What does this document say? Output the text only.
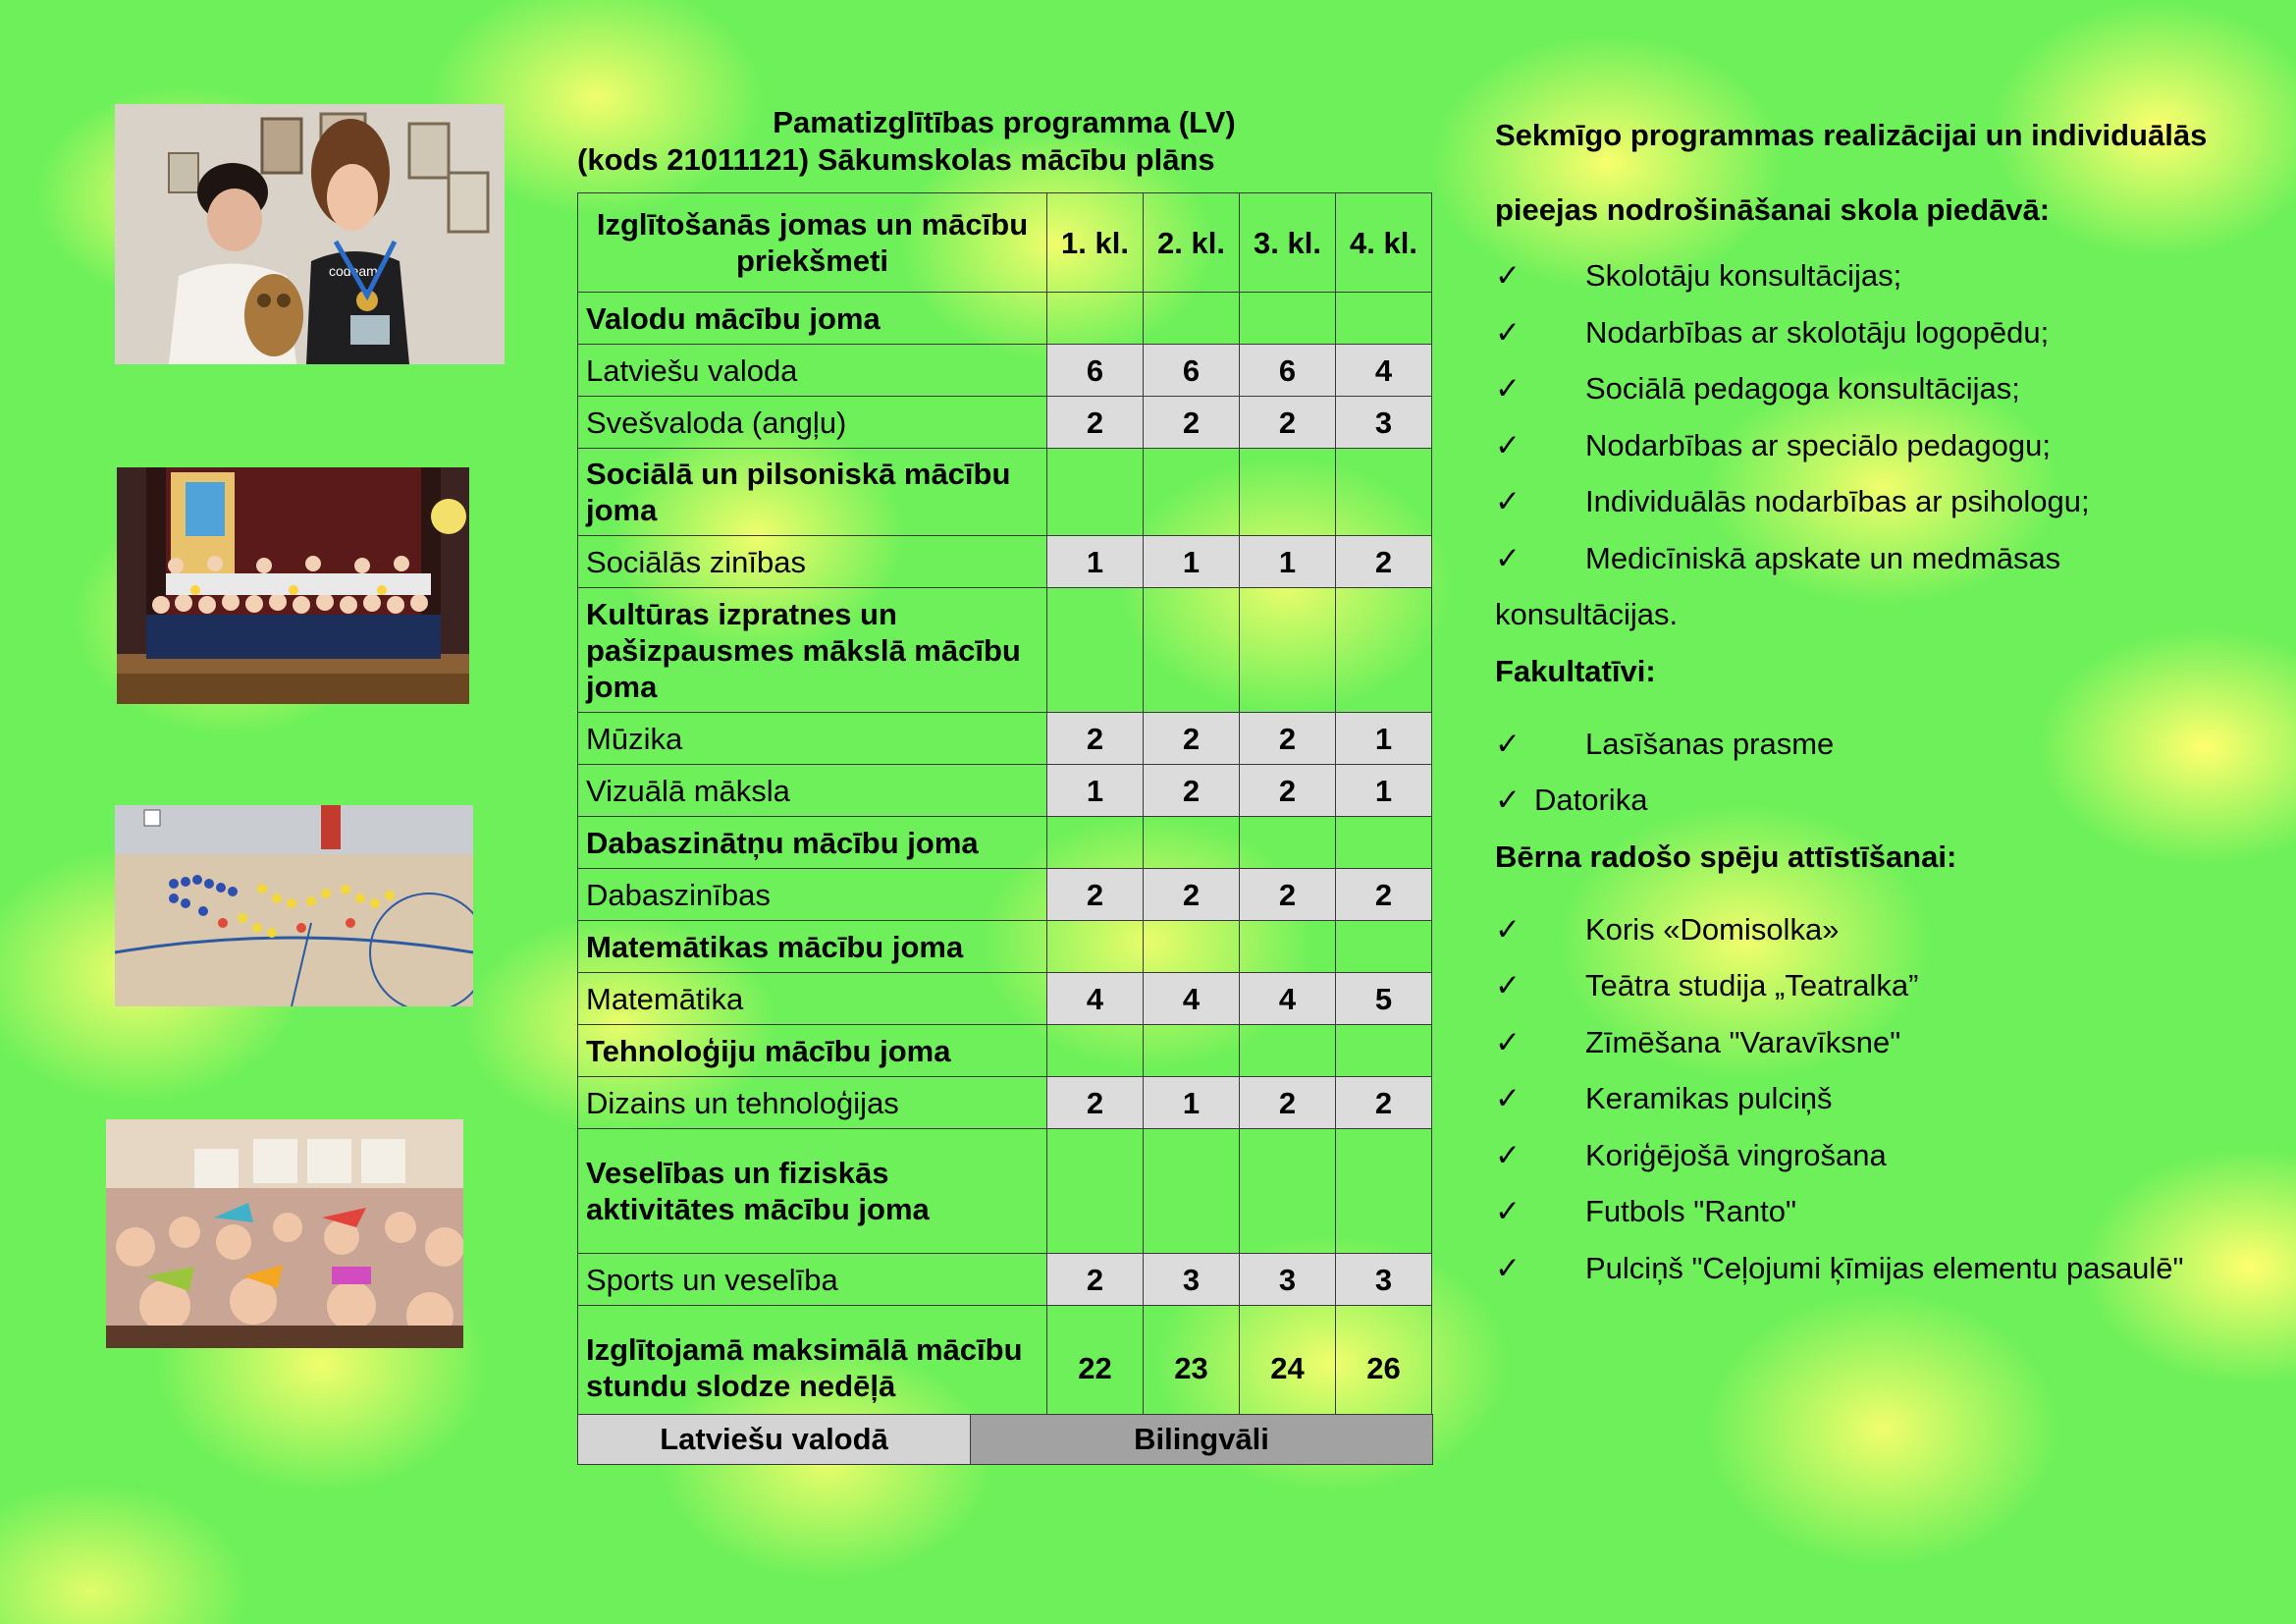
codeam
Pamatizglītības programma (LV)
(kods 21011121) Sākumskolas mācību plāns
Izglītošanās jomas un mācību priekšmeti	1. kl.	2. kl.	3. kl.	4. kl.
Valodu mācību joma				
Latviešu valoda	6	6	6	4
Svešvaloda (angļu)	2	2	2	3
Sociālā un pilsoniskā mācību joma				
Sociālās zinības	1	1	1	2
Kultūras izpratnes un pašizpausmes mākslā mācību joma				
Mūzika	2	2	2	1
Vizuālā māksla	1	2	2	1
Dabaszinātņu mācību joma				
Dabaszinības	2	2	2	2
Matemātikas mācību joma				
Matemātika	4	4	4	5
Tehnoloģiju mācību joma				
Dizains un tehnoloģijas	2	1	2	2
Veselības un fiziskās aktivitātes mācību joma				
Sports un veselība	2	3	3	3
Izglītojamā maksimālā mācību stundu slodze nedēļā	22	23	24	26
Latviešu valodā	Bilingvāli
Sekmīgo programmas realizācijai un individuālās
pieejas nodrošināšanai skola piedāvā:
✓	Skolotāju konsultācijas;
✓	Nodarbības ar skolotāju logopēdu;
✓	Sociālā pedagoga konsultācijas;
✓	Nodarbības ar speciālo pedagogu;
✓	Individuālās nodarbības ar psihologu;
✓	Medicīniskā apskate un medmāsas
konsultācijas.
Fakultatīvi:
✓	Lasīšanas prasme
✓ Datorika
Bērna radošo spēju attīstīšanai:
✓	Koris «Domisolka»
✓	Teātra studija „Teatralka”
✓	Zīmēšana "Varavīksne"
✓	Keramikas pulciņš
✓	Koriģējošā vingrošana
✓	Futbols "Ranto"
✓	Pulciņš "Ceļojumi ķīmijas elementu pasaulē"
